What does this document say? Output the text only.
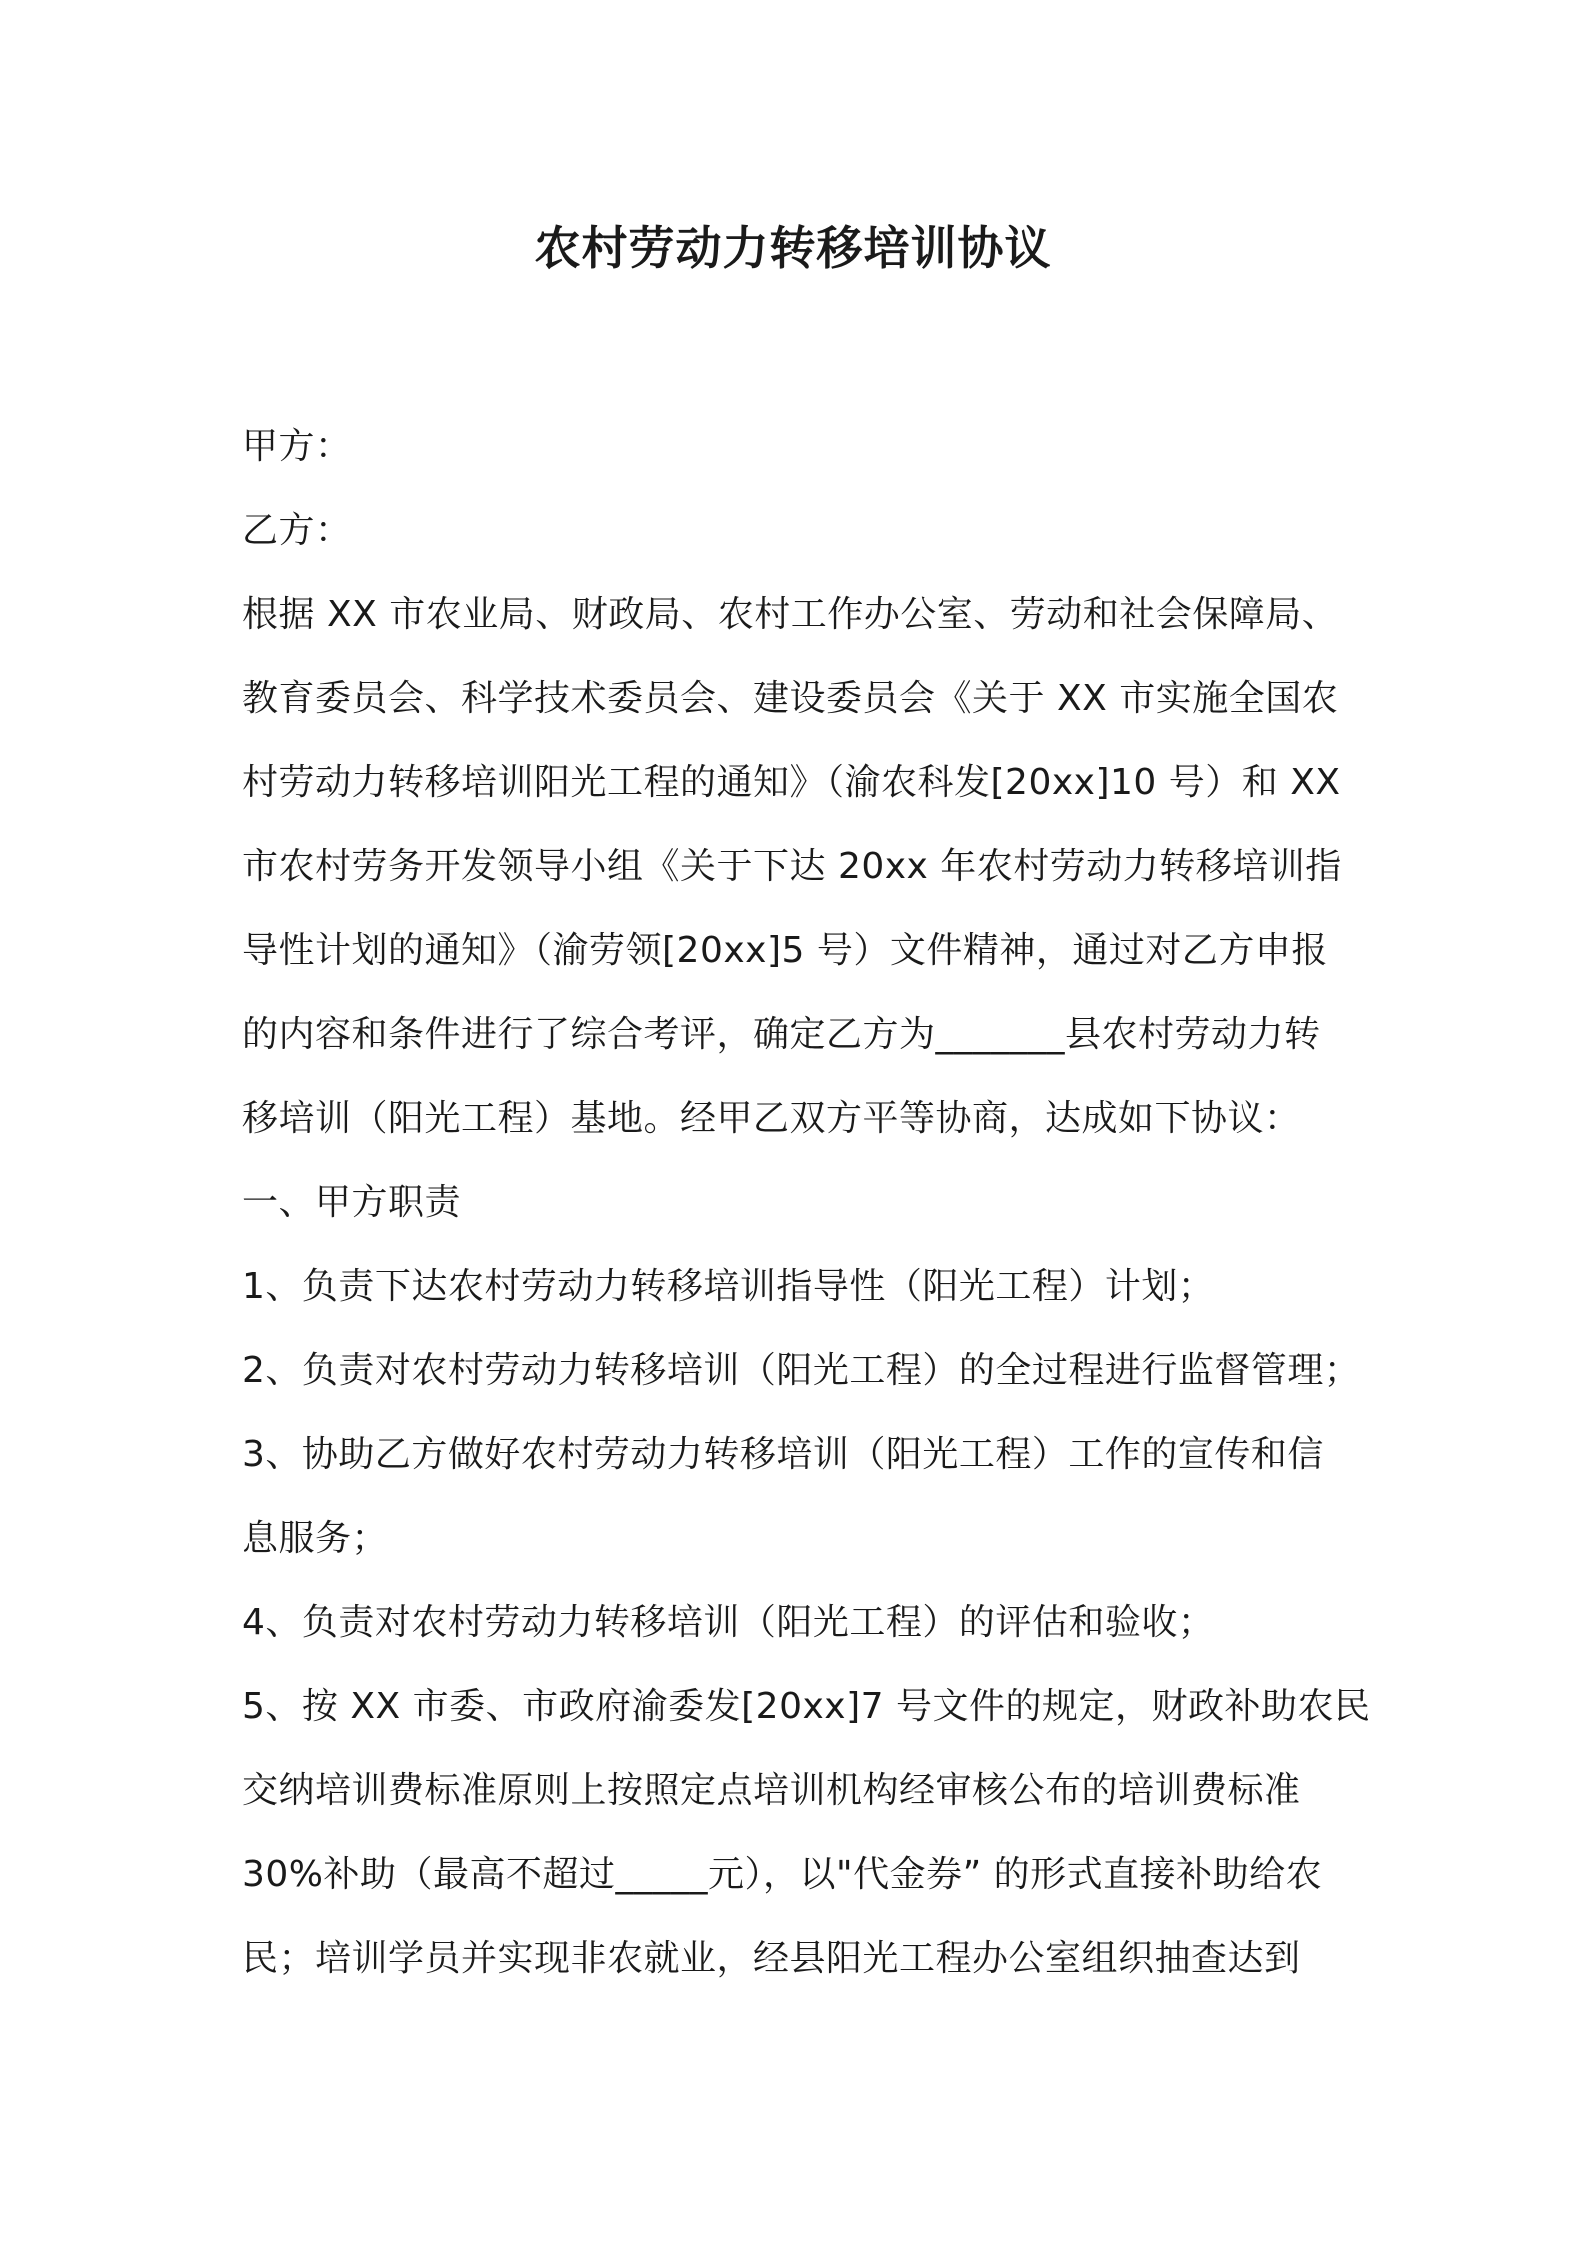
农村劳动力转移培训协议
甲方：
乙方：
根据 XX 市农业局、财政局、农村工作办公室、劳动和社会保障局、
教育委员会、科学技术委员会、建设委员会《关于 XX 市实施全国农
村劳动力转移培训阳光工程的通知》（渝农科发[20xx]10 号）和 XX
市农村劳务开发领导小组《关于下达 20xx 年农村劳动力转移培训指
导性计划的通知》（渝劳领[20xx]5 号）文件精神，通过对乙方申报
的内容和条件进行了综合考评，确定乙方为_______县农村劳动力转
移培训（阳光工程）基地。经甲乙双方平等协商，达成如下协议：
一、甲方职责
1、负责下达农村劳动力转移培训指导性（阳光工程）计划；
2、负责对农村劳动力转移培训（阳光工程）的全过程进行监督管理；
3、协助乙方做好农村劳动力转移培训（阳光工程）工作的宣传和信
息服务；
4、负责对农村劳动力转移培训（阳光工程）的评估和验收；
5、按 XX 市委、市政府渝委发[20xx]7 号文件的规定，财政补助农民
交纳培训费标准原则上按照定点培训机构经审核公布的培训费标准
30%补助（最高不超过_____元），以"代金券” 的形式直接补助给农
民；培训学员并实现非农就业，经县阳光工程办公室组织抽查达到
